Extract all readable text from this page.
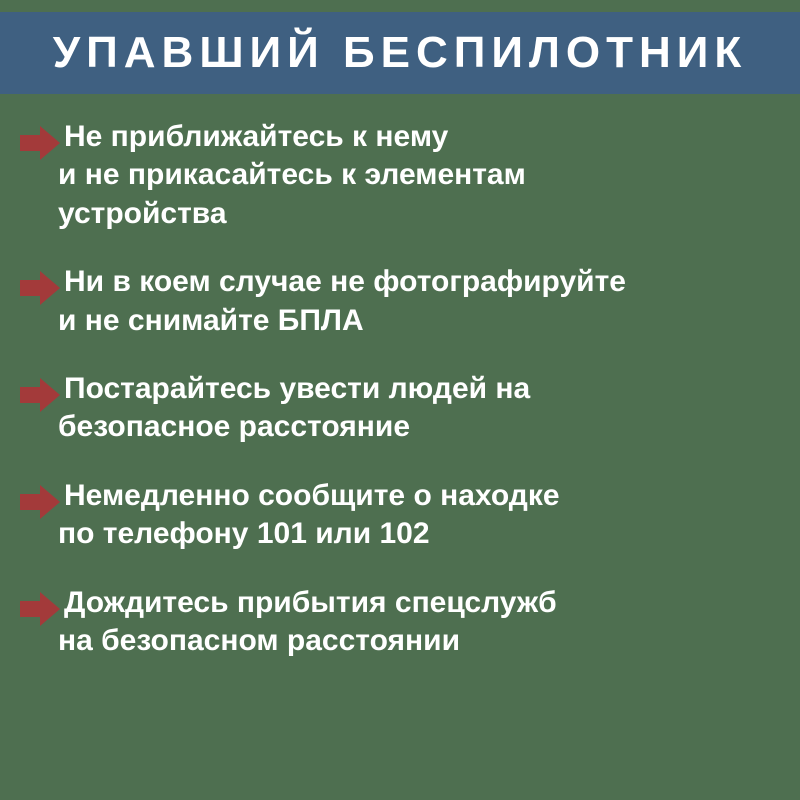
УПАВШИЙ БЕСПИЛОТНИК
Не приближайтесь к нему
и не прикасайтесь к элементам
устройства
Ни в коем случае не фотографируйте
и не снимайте БПЛА
Постарайтесь увести людей на
безопасное расстояние
Немедленно сообщите о находке
по телефону 101 или 102
Дождитесь прибытия спецслужб
на безопасном расстоянии
